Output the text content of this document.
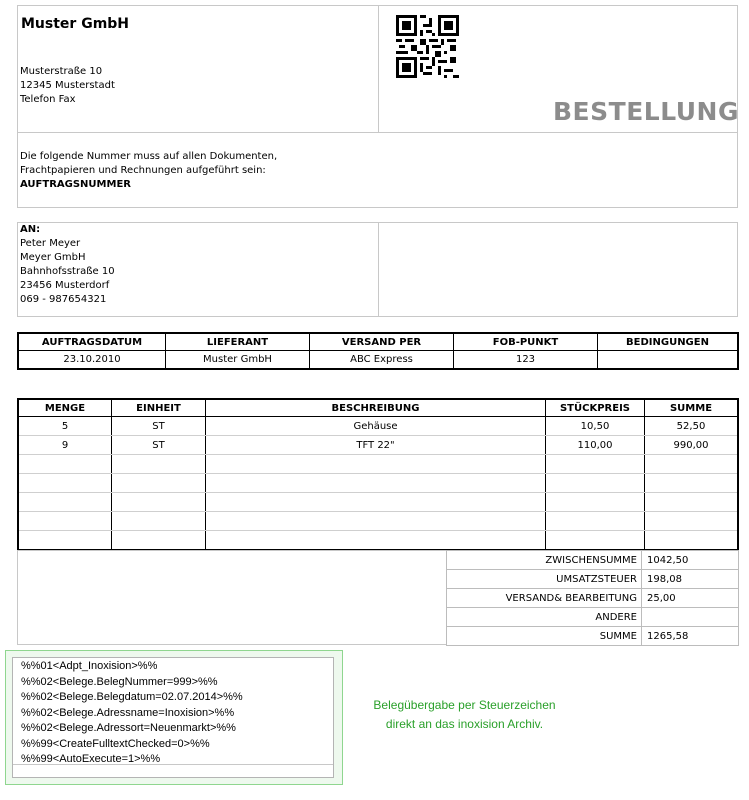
Muster GmbH
Musterstraße 10
12345 Musterstadt
Telefon Fax	BESTELLUNG
Die folgende Nummer muss auf allen Dokumenten,
Frachtpapieren und Rechnungen aufgeführt sein:
AUFTRAGSNUMMER
AN:
Peter Meyer
Meyer GmbH
Bahnhofsstraße 10
23456 Musterdorf
069 - 987654321
AUFTRAGSDATUM	LIEFERANT	VERSAND PER	FOB-PUNKT	BEDINGUNGEN
23.10.2010	Muster GmbH	ABC Express	123	
MENGE	EINHEIT	BESCHREIBUNG	STÜCKPREIS	SUMME
5	ST	Gehäuse	10,50	52,50
9	ST	TFT 22"	110,00	990,00

ZWISCHENSUMME	1042,50
UMSATZSTEUER	198,08
VERSAND& BEARBEITUNG	25,00
ANDERE	
SUMME	1265,58
%%01<Adpt_Inoxision>%%
%%02<Belege.BelegNummer=999>%%
%%02<Belege.Belegdatum=02.07.2014>%%
%%02<Belege.Adressname=Inoxision>%%
%%02<Belege.Adressort=Neuenmarkt>%%
%%99<CreateFulltextChecked=0>%%
%%99<AutoExecute=1>%%
Belegübergabe per Steuerzeichen
direkt an das inoxision Archiv.
